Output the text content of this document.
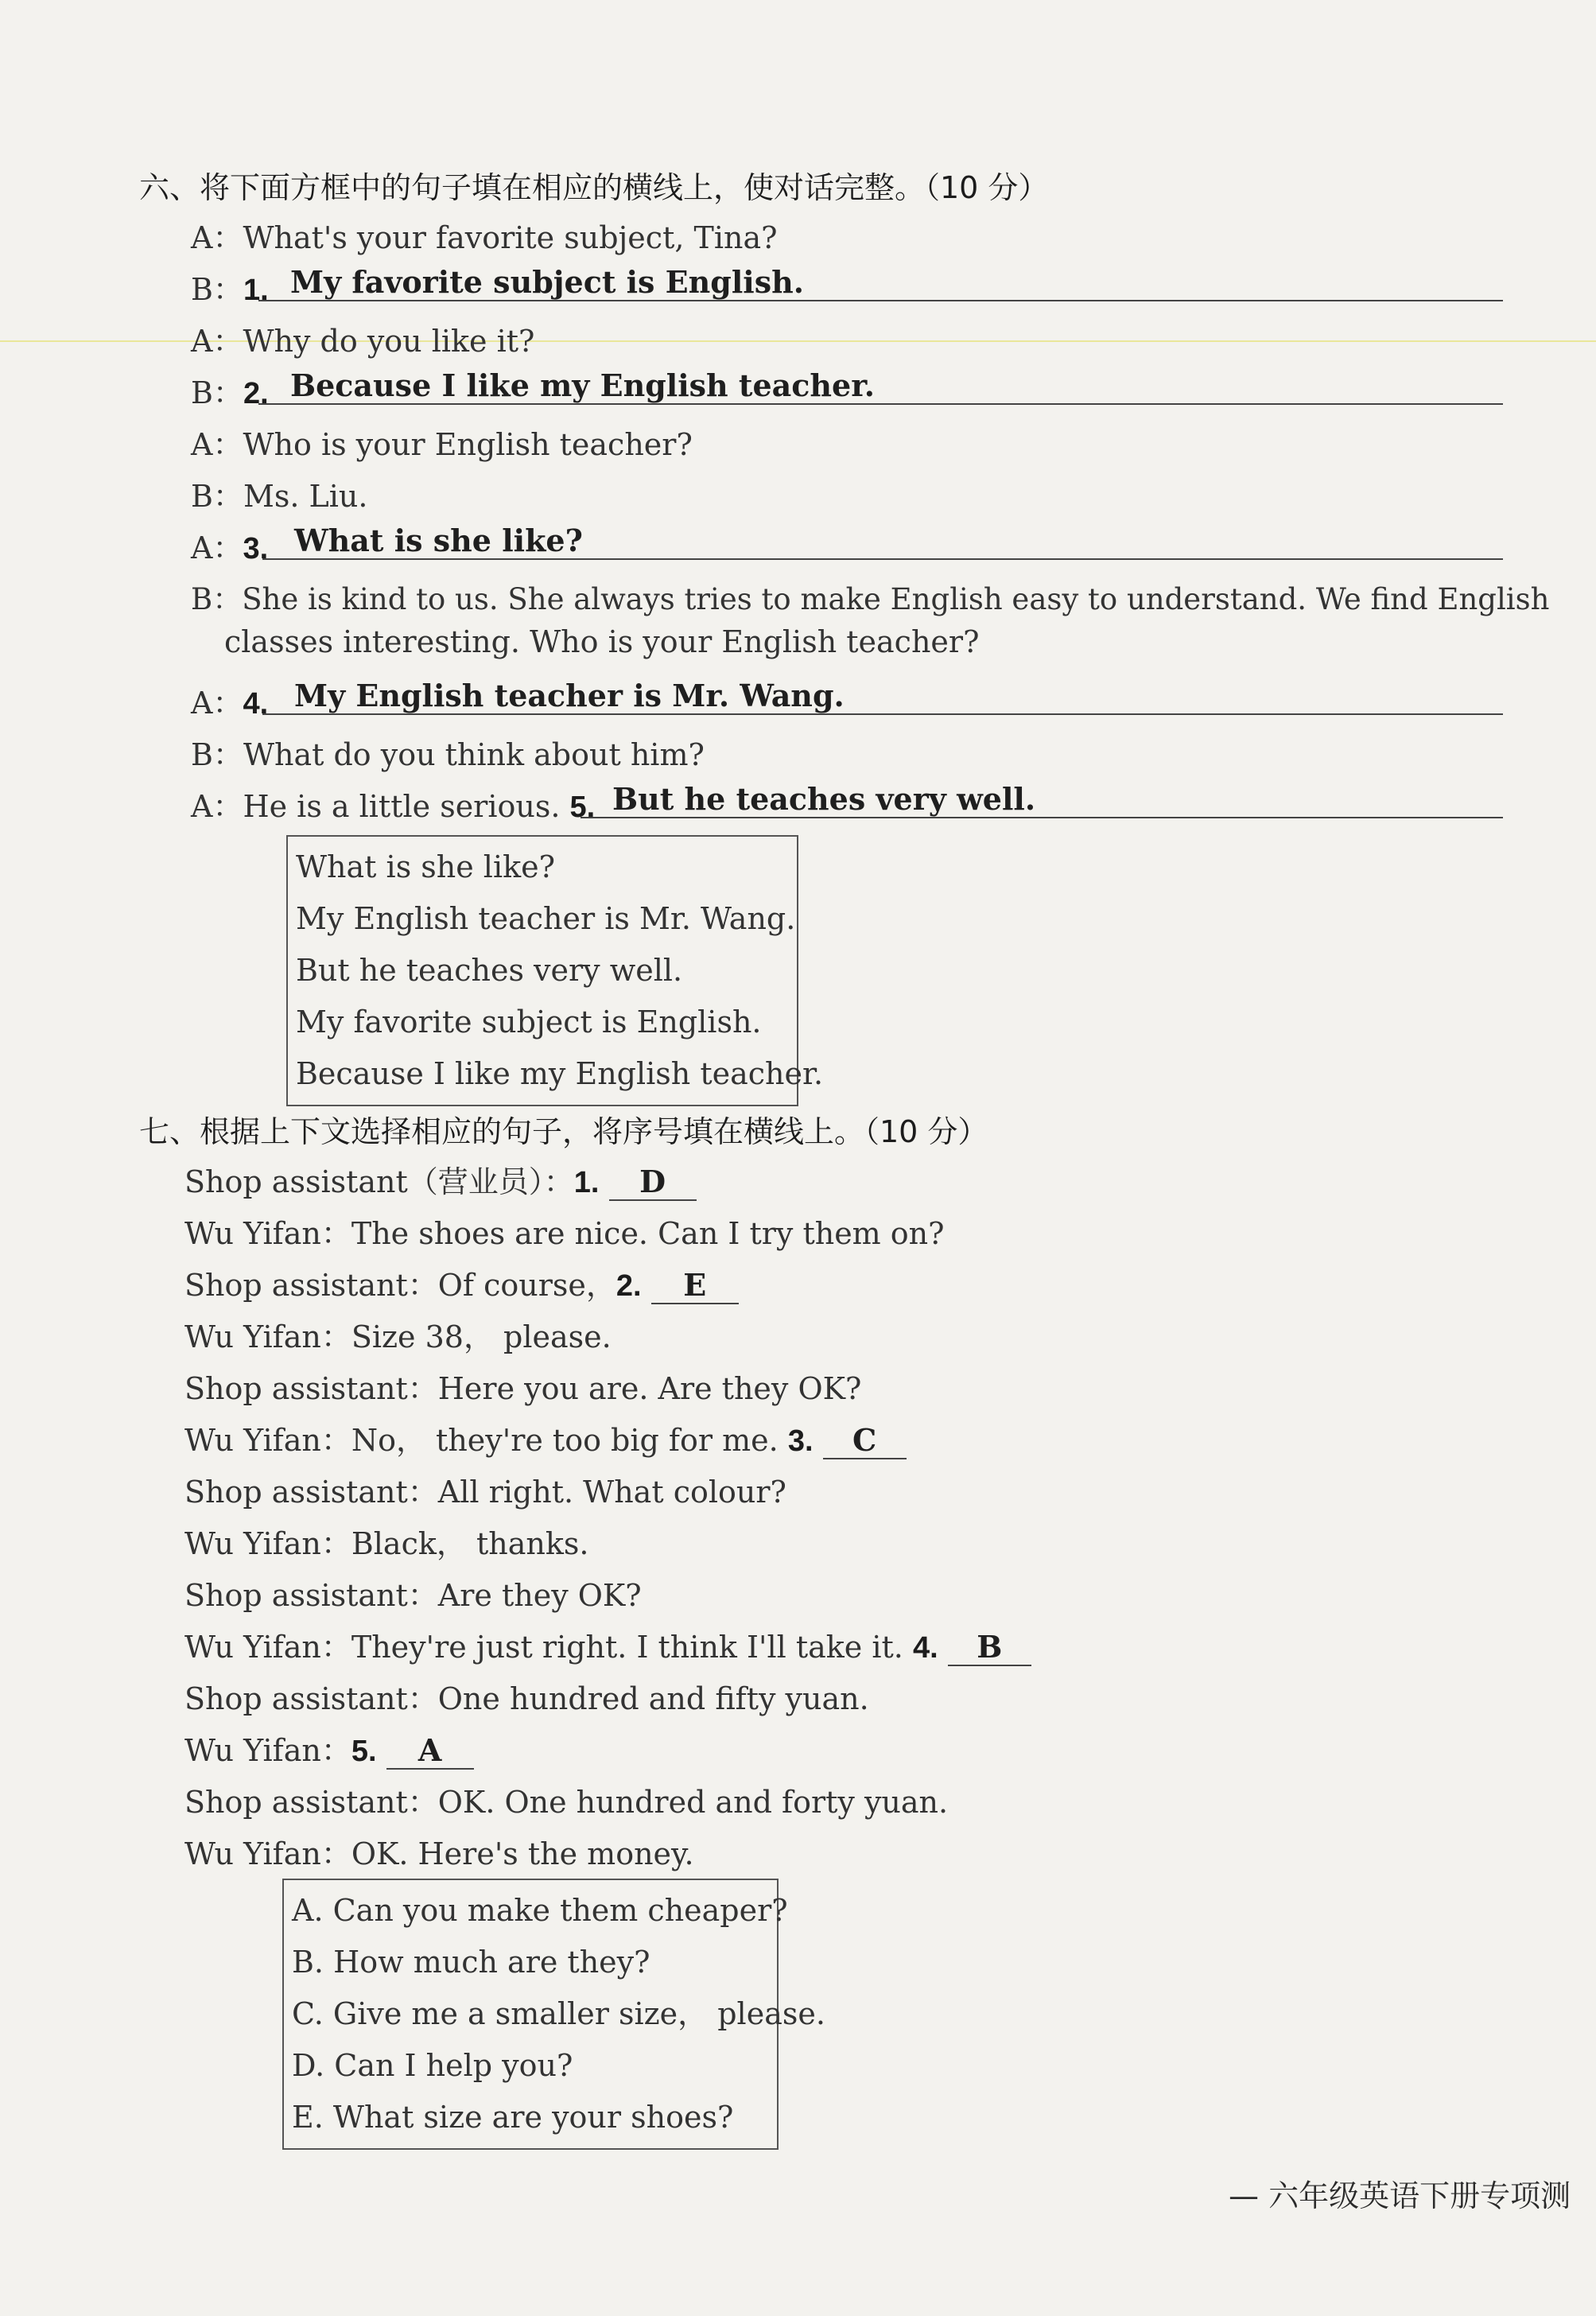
六、将下面方框中的句子填在相应的横线上，使对话完整。（10 分）
A：What's your favorite subject, Tina?
B：1. My favorite subject is English.
A：Why do you like it?
B：2. Because I like my English teacher.
A：Who is your English teacher?
B：Ms. Liu.
A：3. What is she like?
B：She is kind to us. She always tries to make English easy to understand. We find English
classes interesting. Who is your English teacher?
A：4. My English teacher is Mr. Wang.
B：What do you think about him?
A：He is a little serious. 5. But he teaches very well.
What is she like?
My English teacher is Mr. Wang.
But he teaches very well.
My favorite subject is English.
Because I like my English teacher.
七、根据上下文选择相应的句子，将序号填在横线上。（10 分）
Shop assistant（营业员）：1. D
Wu Yifan：The shoes are nice. Can I try them on?
Shop assistant：Of course，2. E
Wu Yifan：Size 38， please.
Shop assistant：Here you are. Are they OK?
Wu Yifan：No， they're too big for me. 3. C
Shop assistant：All right. What colour?
Wu Yifan：Black， thanks.
Shop assistant：Are they OK?
Wu Yifan：They're just right. I think I'll take it. 4. B
Shop assistant：One hundred and fifty yuan.
Wu Yifan：5. A
Shop assistant：OK. One hundred and forty yuan.
Wu Yifan：OK. Here's the money.
A. Can you make them cheaper?
B. How much are they?
C. Give me a smaller size， please.
D. Can I help you?
E. What size are your shoes?
— 六年级英语下册专项测
